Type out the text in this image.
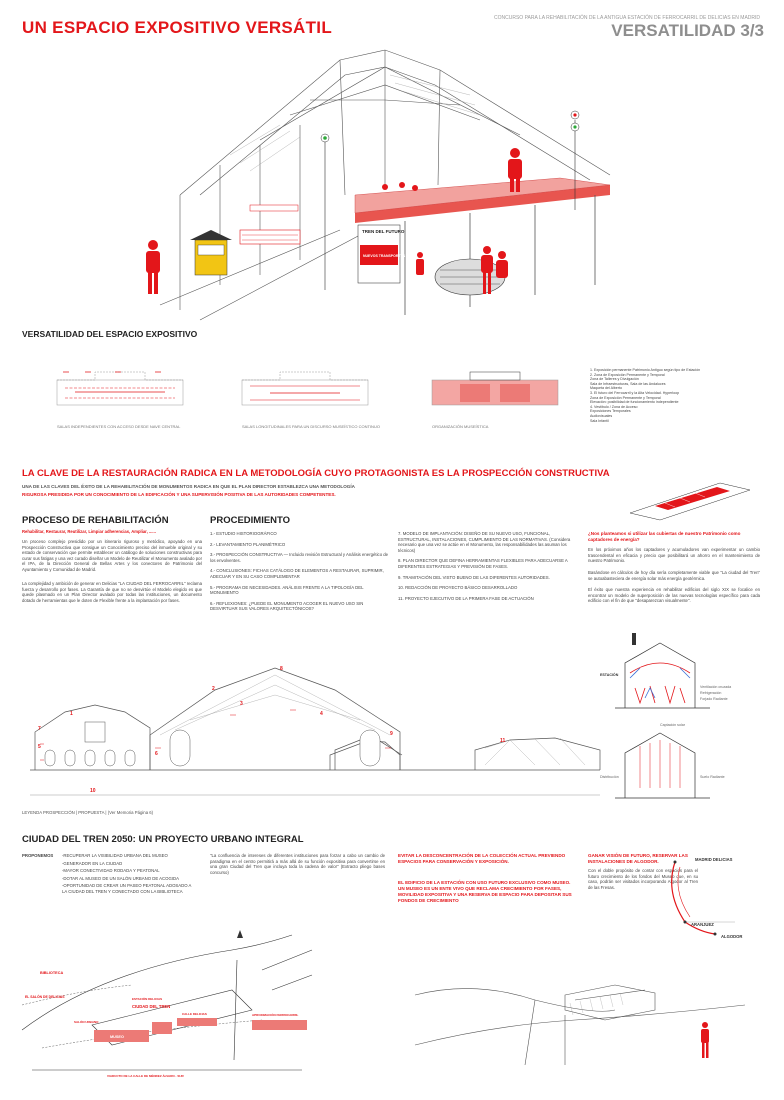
UN ESPACIO EXPOSITIVO VERSÁTIL	CONCURSO PARA LA REHABILITACIÓN DE LA ANTIGUA ESTACIÓN DE FERROCARRIL DE DELICIAS EN MADRID
VERSATILIDAD 3/3
TREN DEL FUTURO
NUEVOS TRANSPORTES
VERSATILIDAD DEL ESPACIO EXPOSITIVO
SALAS INDEPENDIENTES CON ACCESO DESDE NAVE CENTRAL	SALAS LONGITUDINALES PARA UN DISCURSO MUSEÍSTICO CONTINUO	ORGANIZACIÓN MUSEÍSTICA
1. Exposición permanente Patrimonio Antiguo según tipo de Estación
2. Zona de Exposición Permanente y Temporal
Zona de Talleres y Divulgación
Sala de Infraestructuras, Sala de las Andaluces
Maqueta del Alberto
3. El futuro del Ferrocarril y la Alta Velocidad. Hyperloop
Zona de Exposición Permanente y Temporal
Elevación: posibilidad de funcionamiento independiente
4. Vestíbulo / Zona de Acceso
Exposiciones Temporales
Audiovisuales
Sala Infantil
LA CLAVE DE LA RESTAURACIÓN RADICA EN LA METODOLOGÍA CUYO PROTAGONISTA ES LA PROSPECCIÓN CONSTRUCTIVA
UNA DE LAS CLAVES DEL ÉXITO DE LA REHABILITACIÓN DE MONUMENTOS RADICA EN QUE EL PLAN DIRECTOR ESTABLEZCA UNA METODOLOGÍA
RIGUROSA PRESIDIDA POR UN CONOCIMIENTO DE LA EDIFICACIÓN Y UNA SUPERVISIÓN POSITIVA DE LAS AUTORIDADES COMPETENTES.
PROCESO DE REHABILITACIÓN
Rehabilitar, Restaurar, Reutilizar, Limpiar adherencias, Ampliar, ......
Un proceso complejo presidido por un itinerario riguroso y metódico, apoyado en una Prospección Constructiva que consigue un Conocimiento preciso del inmueble original y su estado de conservación que permite establecer un catálogo de soluciones constructivas para curar sus fatigas y una vez curado diseñar un Modelo de Reutilizar el Monumento avalado por el IPA, de la Dirección General de Bellas Artes y los conectores de Patrimonio del Ayuntamiento y Comunidad de Madrid.
La complejidad y ambición de generar en Delicias "LA CIUDAD DEL FERROCARRIL" reclama fuerza y desarrollo por fases. La Garantía de que no se desvirtúe el Modelo elegido es que quede plasmado en un Plan Director avalado por todas las instituciones, un documento dotado de herramientas que le doten de Flexible frente a la implantación por fases.
PROCEDIMIENTO
1.- ESTUDIO HISTORIOGRÁFICO
2.- LEVANTAMIENTO PLANIMÉTRICO
3.- PROSPECCIÓN CONSTRUCTIVA — Incluido revisión Estructural y Análisis energético de los envolventes.
4.- CONCLUSIONES: FICHAS CATÁLOGO DE ELEMENTOS A RESTAURAR, SUPRIMIR, ADECUAR Y EN SU CASO COMPLEMENTAR
5.- PROGRAMA DE NECESIDADES. ANÁLISIS FRENTE A LA TIPOLOGÍA DEL MONUMENTO
6.- REFLEXIONES: ¿PUEDE EL MONUMENTO ACOGER EL NUEVO USO SIN DESVIRTUAR SUS VALORES ARQUITECTÓNICOS?
7. MODELO DE IMPLANTACIÓN: DISEÑO DE SU NUEVO USO, FUNCIONAL, ESTRUCTURAL, INSTALACIONES, CUMPLIMIENTO DE LAS NORMATIVAS. (Considera necesario que una vez se actúe en el Monumento, las responsabilidades las asuman los técnicos)
8. PLAN DIRECTOR QUE DEFINA HERRAMIENTAS FLEXIBLES PARA ADECUARSE A DIFERENTES ESTRATEGIAS Y PREVISIÓN DE FASES.
9. TRAMITACIÓN DEL VISTO BUENO DE LAS DIFERENTES AUTORIDADES.
10. REDACCIÓN DE PROYECTO BÁSICO DESARROLLADO
11. PROYECTO EJECUTIVO DE LA PRIMERA FASE DE ACTUACIÓN
¿Nos planteamos si utilizar las cubiertas de nuestro Patrimonio como captadores de energía?
En los próximos años los captadores y acumuladores van experimentar un cambio trascendental en eficacia y precio que posibilitará un ahorro en el mantenimiento de nuestro Patrimonio.
Basándose en cálculos de hoy día sería completamente viable que "La ciudad del Tren" se autoabasteciera de energía solar más energía geotérmica.
El éxito que nuestra experiencia en rehabilitar edificios del siglo XIX se focalice en encontrar un modelo de superposición de las nuevas tecnologías específico para cada edificio con el fin de que "desaparezcan visualmente".
1
2
3
4
5
6
7
8
9
10
11
LEYENDA PROSPECCIÓN | PROPUESTA | (Ver Memoria Página 6)
ESTACIÓN
Ventilación cruzada
Refrigeración
Forjado Radiante
Suelo Radiante
Distribución
Captación solar
CIUDAD DEL TREN 2050: UN PROYECTO URBANO INTEGRAL
PROPONEMOS -RECUPERAR LA VISIBILIDAD URBANA DEL MUSEO
-GENERADOR EN LA CIUDAD
-MAYOR CONECTIVIDAD RODADA Y PEATONAL
-DOTAR AL MUSEO DE UN SALÓN URBANO DE ACOGIDA
-OPORTUNIDAD DE CREAR UN PASEO PEATONAL ADOSADO A LA CIUDAD DEL TREN Y CONECTADO CON LA BIBLIOTECA
"La confluencia de intereses de diferentes instituciones para forzar a cabo un cambio de paradigma en el centro permitirá a más allá de su función expositiva para convertirse en una gran Ciudad del Tren que incluya toda la cadena de valor" (Extracto pliego bases concurso)
EVITAR LA DESCONCENTRACIÓN DE LA COLECCIÓN ACTUAL PREVIENDO ESPACIOS PARA CONSERVACIÓN Y EXPOSICIÓN.
EL EDIFICIO DE LA ESTACIÓN CON USO FUTURO EXCLUSIVO COMO MUSEO. UN MUSEO ES UN ENTE VIVO QUE RECLAMA CRECIMIENTO POR FASES, MOVILIDAD EXPOSITIVA Y UNA RESERVA DE ESPACIO PARA DEPOSITAR SUS FONDOS DE CRECIMIENTO
GANAR VISIÓN DE FUTURO, RESERVAR LAS INSTALACIONES DE ALGODOR.
Con el doble propósito de contar con espacios para el futuro crecimiento de los fondos del Museo que, en su caso, podrán ser visitados incorporando Algodor al Tren de las Fresas.
MADRID DELICIAS
ARANJUEZ
ALGODOR
BIBLIOTECA
EL SALÓN DE DELICIAS
CIUDAD DEL TREN
MUSEO
SALÓN URBANO
ESTACIÓN DELICIAS
APROXIMACIÓN FERROCARRIL
CALLE DELICIAS
VIADUCTO DE LA CALLE DE MÉNDEZ ÁLVARO · SUR
